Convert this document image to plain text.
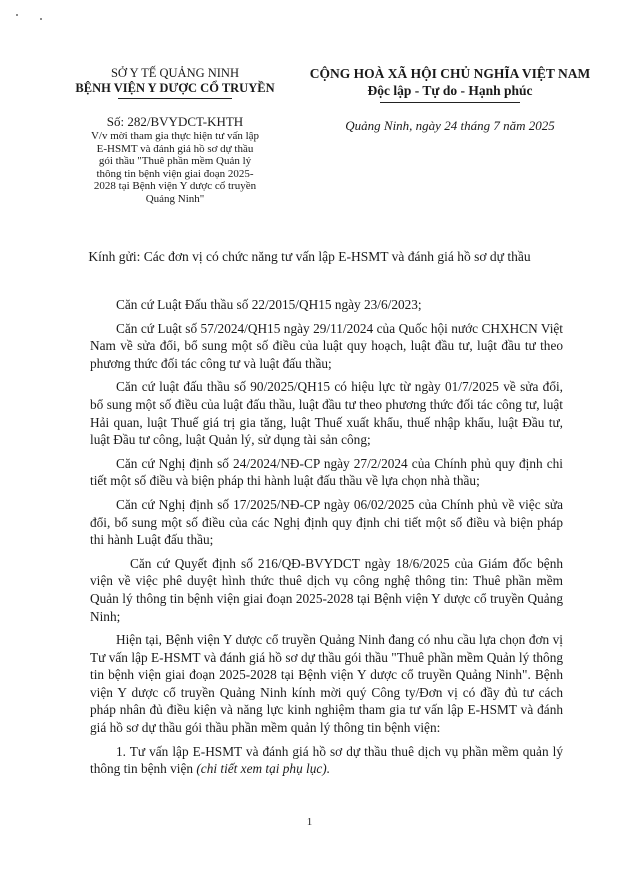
SỞ Y TẾ QUẢNG NINH
BỆNH VIỆN Y DƯỢC CỔ TRUYỀN
CỘNG HOÀ XÃ HỘI CHỦ NGHĨA VIỆT NAM
Độc lập - Tự do - Hạnh phúc
Số: 282/BVYDCT-KHTH
V/v mời tham gia thực hiện tư vấn lập
E-HSMT và đánh giá hồ sơ dự thầu
gói thầu "Thuê phần mềm Quản lý
thông tin bệnh viện giai đoạn 2025-
2028 tại Bệnh viện Y dược cổ truyền
Quảng Ninh"
Quảng Ninh, ngày 24 tháng 7 năm 2025
Kính gửi: Các đơn vị có chức năng tư vấn lập E-HSMT và đánh giá hồ sơ dự thầu

Căn cứ Luật Đấu thầu số 22/2015/QH15 ngày 23/6/2023;

Căn cứ Luật số 57/2024/QH15 ngày 29/11/2024 của Quốc hội nước CHXHCN Việt Nam về sửa đổi, bổ sung một số điều của luật quy hoạch, luật đầu tư, luật đầu tư theo phương thức đối tác công tư và luật đấu thầu;

Căn cứ luật đấu thầu số 90/2025/QH15 có hiệu lực từ ngày 01/7/2025 về sửa đổi, bổ sung một số điều của luật đấu thầu, luật đầu tư theo phương thức đối tác công tư, luật Hải quan, luật Thuế giá trị gia tăng, luật Thuế xuất khẩu, thuế nhập khẩu, luật Đầu tư, luật Đầu tư công, luật Quản lý, sử dụng tài sản công;

Căn cứ Nghị định số 24/2024/NĐ-CP ngày 27/2/2024 của Chính phủ quy định chi tiết một số điều và biện pháp thi hành luật đấu thầu về lựa chọn nhà thầu;

Căn cứ Nghị định số 17/2025/NĐ-CP ngày 06/02/2025 của Chính phủ về việc sửa đổi, bổ sung một số điều của các Nghị định quy định chi tiết một số điều và biện pháp thi hành Luật đấu thầu;

Căn cứ Quyết định số 216/QĐ-BVYDCT ngày 18/6/2025 của Giám đốc bệnh viện về việc phê duyệt hình thức thuê dịch vụ công nghệ thông tin: Thuê phần mềm Quản lý thông tin bệnh viện giai đoạn 2025-2028 tại Bệnh viện Y dược cổ truyền Quảng Ninh;

Hiện tại, Bệnh viện Y dược cổ truyền Quảng Ninh đang có nhu cầu lựa chọn đơn vị Tư vấn lập E-HSMT và đánh giá hồ sơ dự thầu gói thầu "Thuê phần mềm Quản lý thông tin bệnh viện giai đoạn 2025-2028 tại Bệnh viện Y dược cổ truyền Quảng Ninh". Bệnh viện Y dược cổ truyền Quảng Ninh kính mời quý Công ty/Đơn vị có đầy đủ tư cách pháp nhân đủ điều kiện và năng lực kinh nghiệm tham gia tư vấn lập E-HSMT và đánh giá hồ sơ dự thầu gói thầu phần mềm quản lý thông tin bệnh viện:

1. Tư vấn lập E-HSMT và đánh giá hồ sơ dự thầu thuê dịch vụ phần mềm quản lý thông tin bệnh viện (chi tiết xem tại phụ lục).

1
